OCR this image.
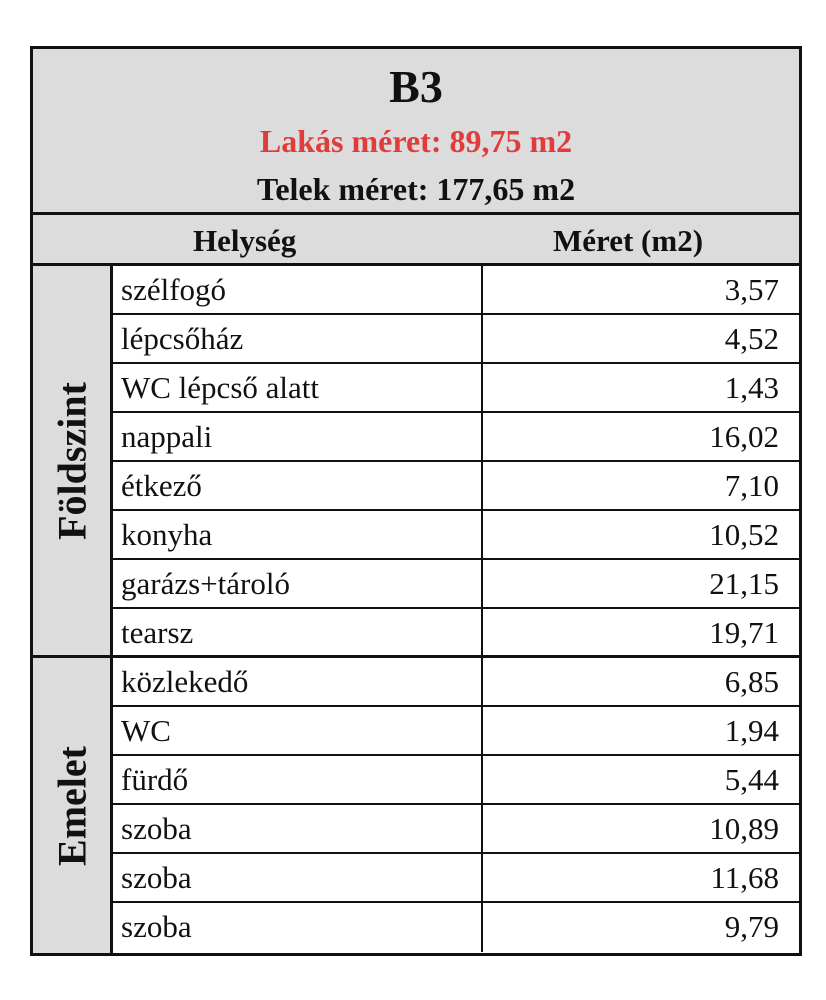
B3
Lakás méret: 89,75 m2
Telek méret: 177,65 m2
Helység	Méret (m2)
Földszint
szélfogó	3,57
lépcsőház	4,52
WC lépcső alatt	1,43
nappali	16,02
étkező	7,10
konyha	10,52
garázs+tároló	21,15
tearsz	19,71
Emelet
közlekedő	6,85
WC	1,94
fürdő	5,44
szoba	10,89
szoba	11,68
szoba	9,79
